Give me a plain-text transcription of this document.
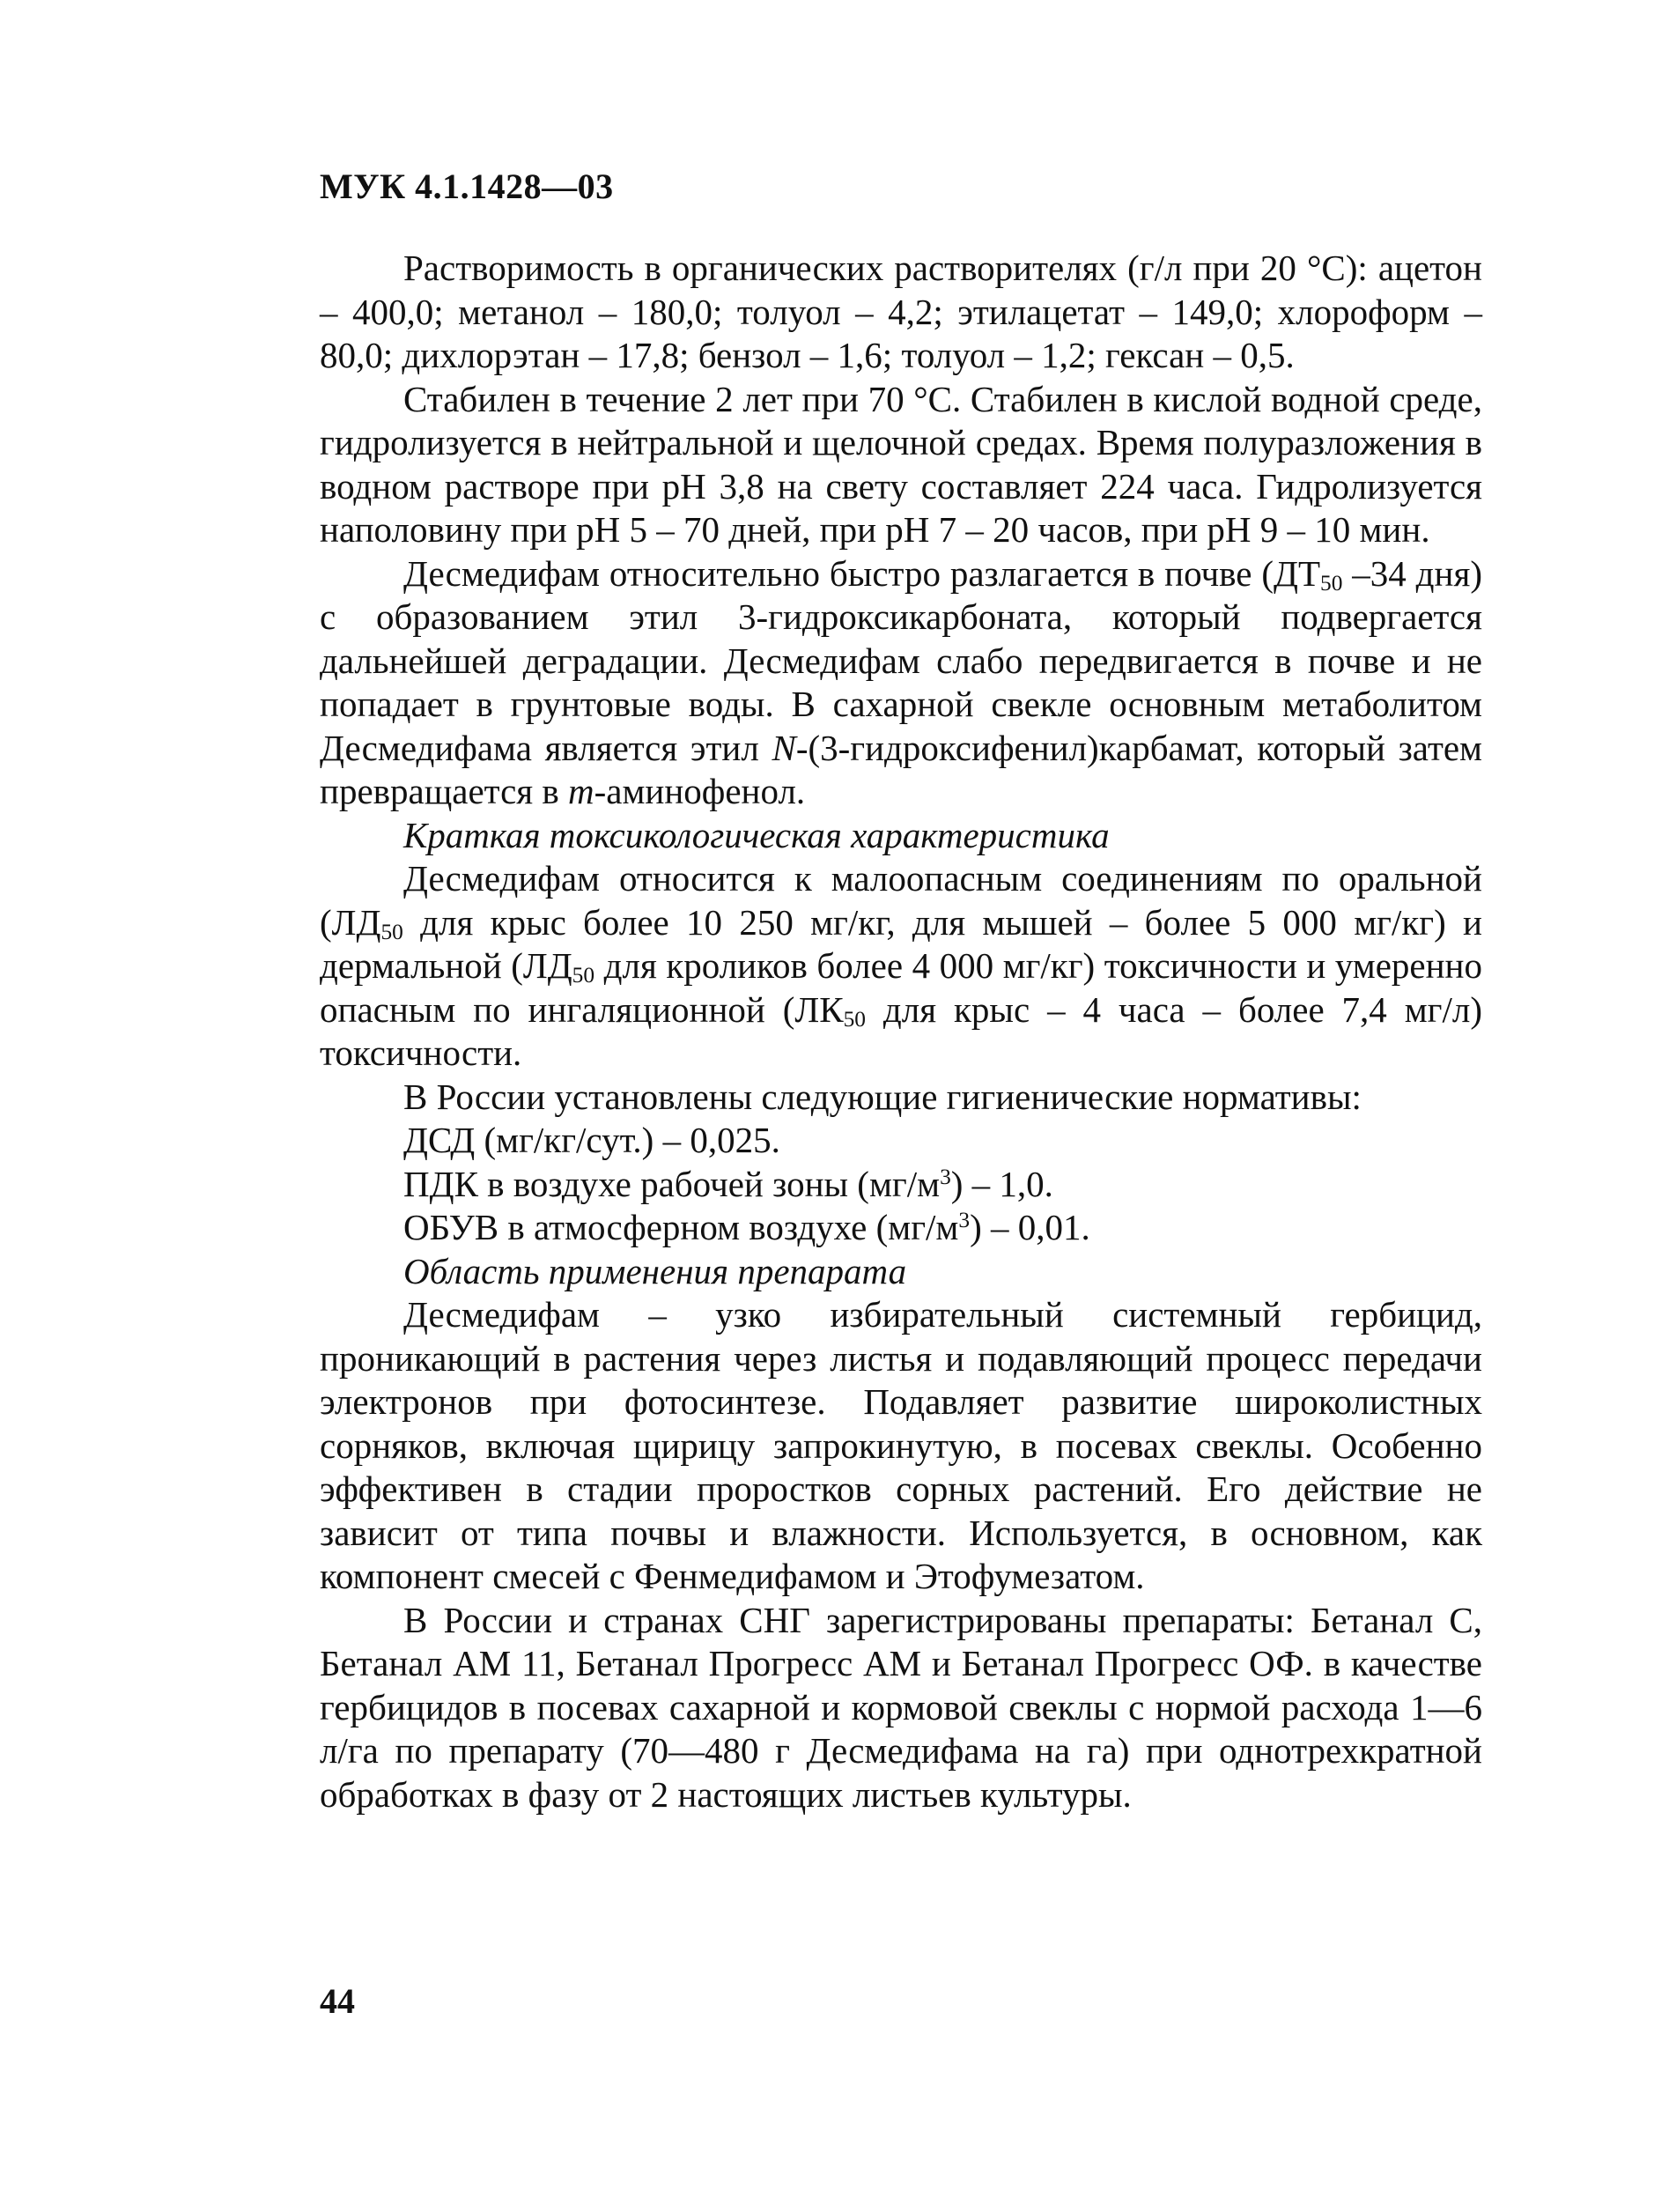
МУК 4.1.1428—03

Растворимость в органических растворителях (г/л при 20 °С): ацетон – 400,0; метанол – 180,0; толуол – 4,2; этилацетат – 149,0; хлороформ – 80,0; дихлорэтан – 17,8; бензол – 1,6; толуол – 1,2; гексан – 0,5.

Стабилен в течение 2 лет при 70 °С. Стабилен в кислой водной среде, гидролизуется в нейтральной и щелочной средах. Время полуразложения в водном растворе при pH 3,8 на свету составляет 224 часа. Гидролизуется наполовину при pH 5 – 70 дней, при pH 7 – 20 часов, при pH 9 – 10 мин.

Десмедифам относительно быстро разлагается в почве ($ДТ_{50}$ –34 дня) с образованием этил 3-гидроксикарбоната, который подвергается дальнейшей деградации. Десмедифам слабо передвигается в почве и не попадает в грунтовые воды. В сахарной свекле основным метаболитом Десмедифама является этил N-(3-гидроксифенил)карбамат, который затем превращается в m-аминофенол.

Краткая токсикологическая характеристика

Десмедифам относится к малоопасным соединениям по оральной ($ЛД_{50}$ для крыс более 10 250 мг/кг, для мышей – более 5 000 мг/кг) и дермальной ($ЛД_{50}$ для кроликов более 4 000 мг/кг) токсичности и умеренно опасным по ингаляционной ($ЛК_{50}$ для крыс – 4 часа – более 7,4 мг/л) токсичности.

В России установлены следующие гигиенические нормативы:

ДСД (мг/кг/сут.) – 0,025.

ПДК в воздухе рабочей зоны $(мг/м^3) - 1,0$.

ОБУВ в атмосферном воздухе $(мг/м^3) - 0,01$.

Область применения препарата

Десмедифам – узко избирательный системный гербицид, проникающий в растения через листья и подавляющий процесс передачи электронов при фотосинтезе. Подавляет развитие широколистных сорняков, включая щирицу запрокинутую, в посевах свеклы. Особенно эффективен в стадии проростков сорных растений. Его действие не зависит от типа почвы и влажности. Используется, в основном, как компонент смесей с Фенмедифамом и Этофумезатом.

В России и странах СНГ зарегистрированы препараты: Бетанал С, Бетанал АМ 11, Бетанал Прогресс АМ и Бетанал Прогресс ОФ. в качестве гербицидов в посевах сахарной и кормовой свеклы с нормой расхода 1—6 л/га по препарату (70—480 г Десмедифама на га) при однотрехкратной обработках в фазу от 2 настоящих листьев культуры.

44
